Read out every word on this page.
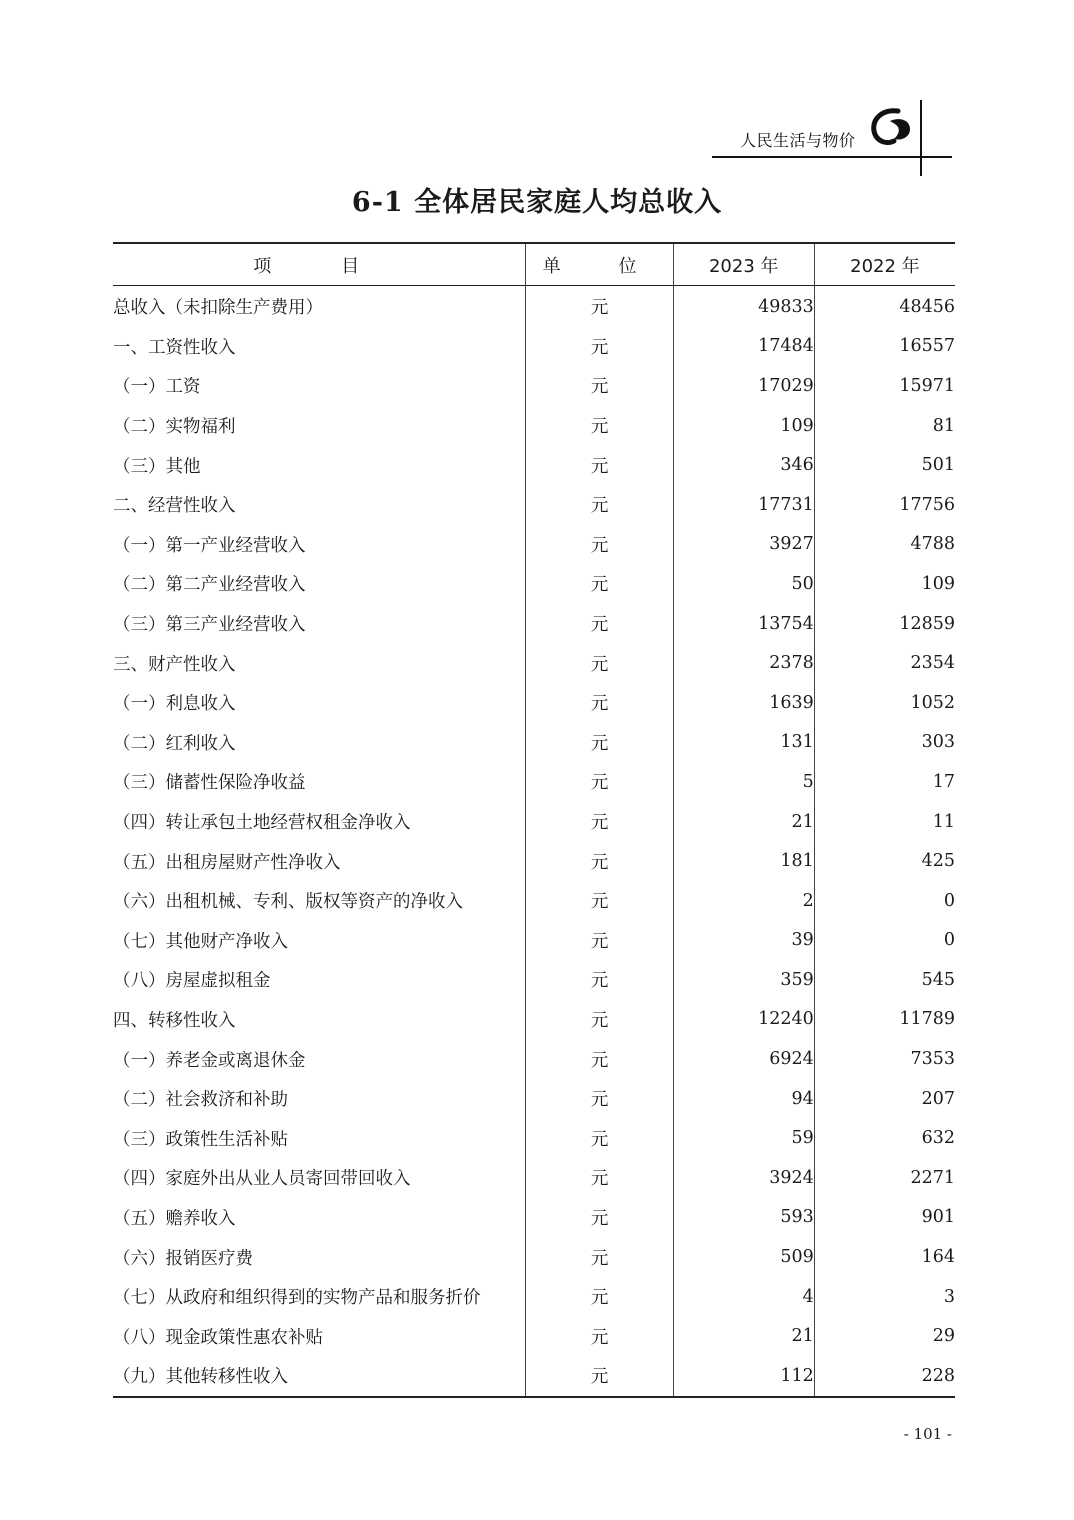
人民生活与物价
6-1 全体居民家庭人均总收入
项　目	单　位	2023 年	2022 年
总收入（未扣除生产费用）	元	49833	48456
一、工资性收入	元	17484	16557
（一）工资	元	17029	15971
（二）实物福利	元	109	81
（三）其他	元	346	501
二、经营性收入	元	17731	17756
（一）第一产业经营收入	元	3927	4788
（二）第二产业经营收入	元	50	109
（三）第三产业经营收入	元	13754	12859
三、财产性收入	元	2378	2354
（一）利息收入	元	1639	1052
（二）红利收入	元	131	303
（三）储蓄性保险净收益	元	5	17
（四）转让承包土地经营权租金净收入	元	21	11
（五）出租房屋财产性净收入	元	181	425
（六）出租机械、专利、版权等资产的净收入	元	2	0
（七）其他财产净收入	元	39	0
（八）房屋虚拟租金	元	359	545
四、转移性收入	元	12240	11789
（一）养老金或离退休金	元	6924	7353
（二）社会救济和补助	元	94	207
（三）政策性生活补贴	元	59	632
（四）家庭外出从业人员寄回带回收入	元	3924	2271
（五）赡养收入	元	593	901
（六）报销医疗费	元	509	164
（七）从政府和组织得到的实物产品和服务折价	元	4	3
（八）现金政策性惠农补贴	元	21	29
（九）其他转移性收入	元	112	228
- 101 -
